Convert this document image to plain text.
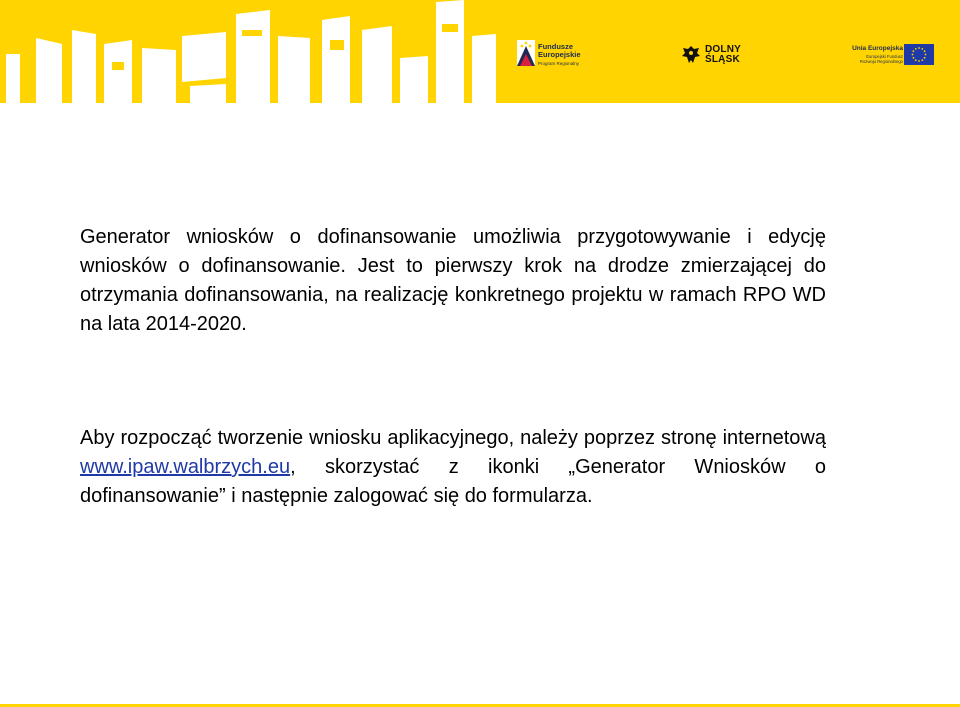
Fundusze
Europejskie
Program Regionalny
DOLNY
ŚLĄSK
Unia Europejska
Europejski Fundusz
Rozwoju Regionalnego

Generator wniosków o dofinansowanie umożliwia przygotowywanie i edycję wniosków o dofinansowanie. Jest to pierwszy krok na drodze zmierzającej do otrzymania dofinansowania, na realizację konkretnego projektu w ramach RPO WD na lata 2014-2020.

Aby rozpocząć tworzenie wniosku aplikacyjnego, należy poprzez stronę internetową www.ipaw.walbrzych.eu, skorzystać z ikonki „Generator Wniosków o dofinansowanie” i następnie zalogować się do formularza.
